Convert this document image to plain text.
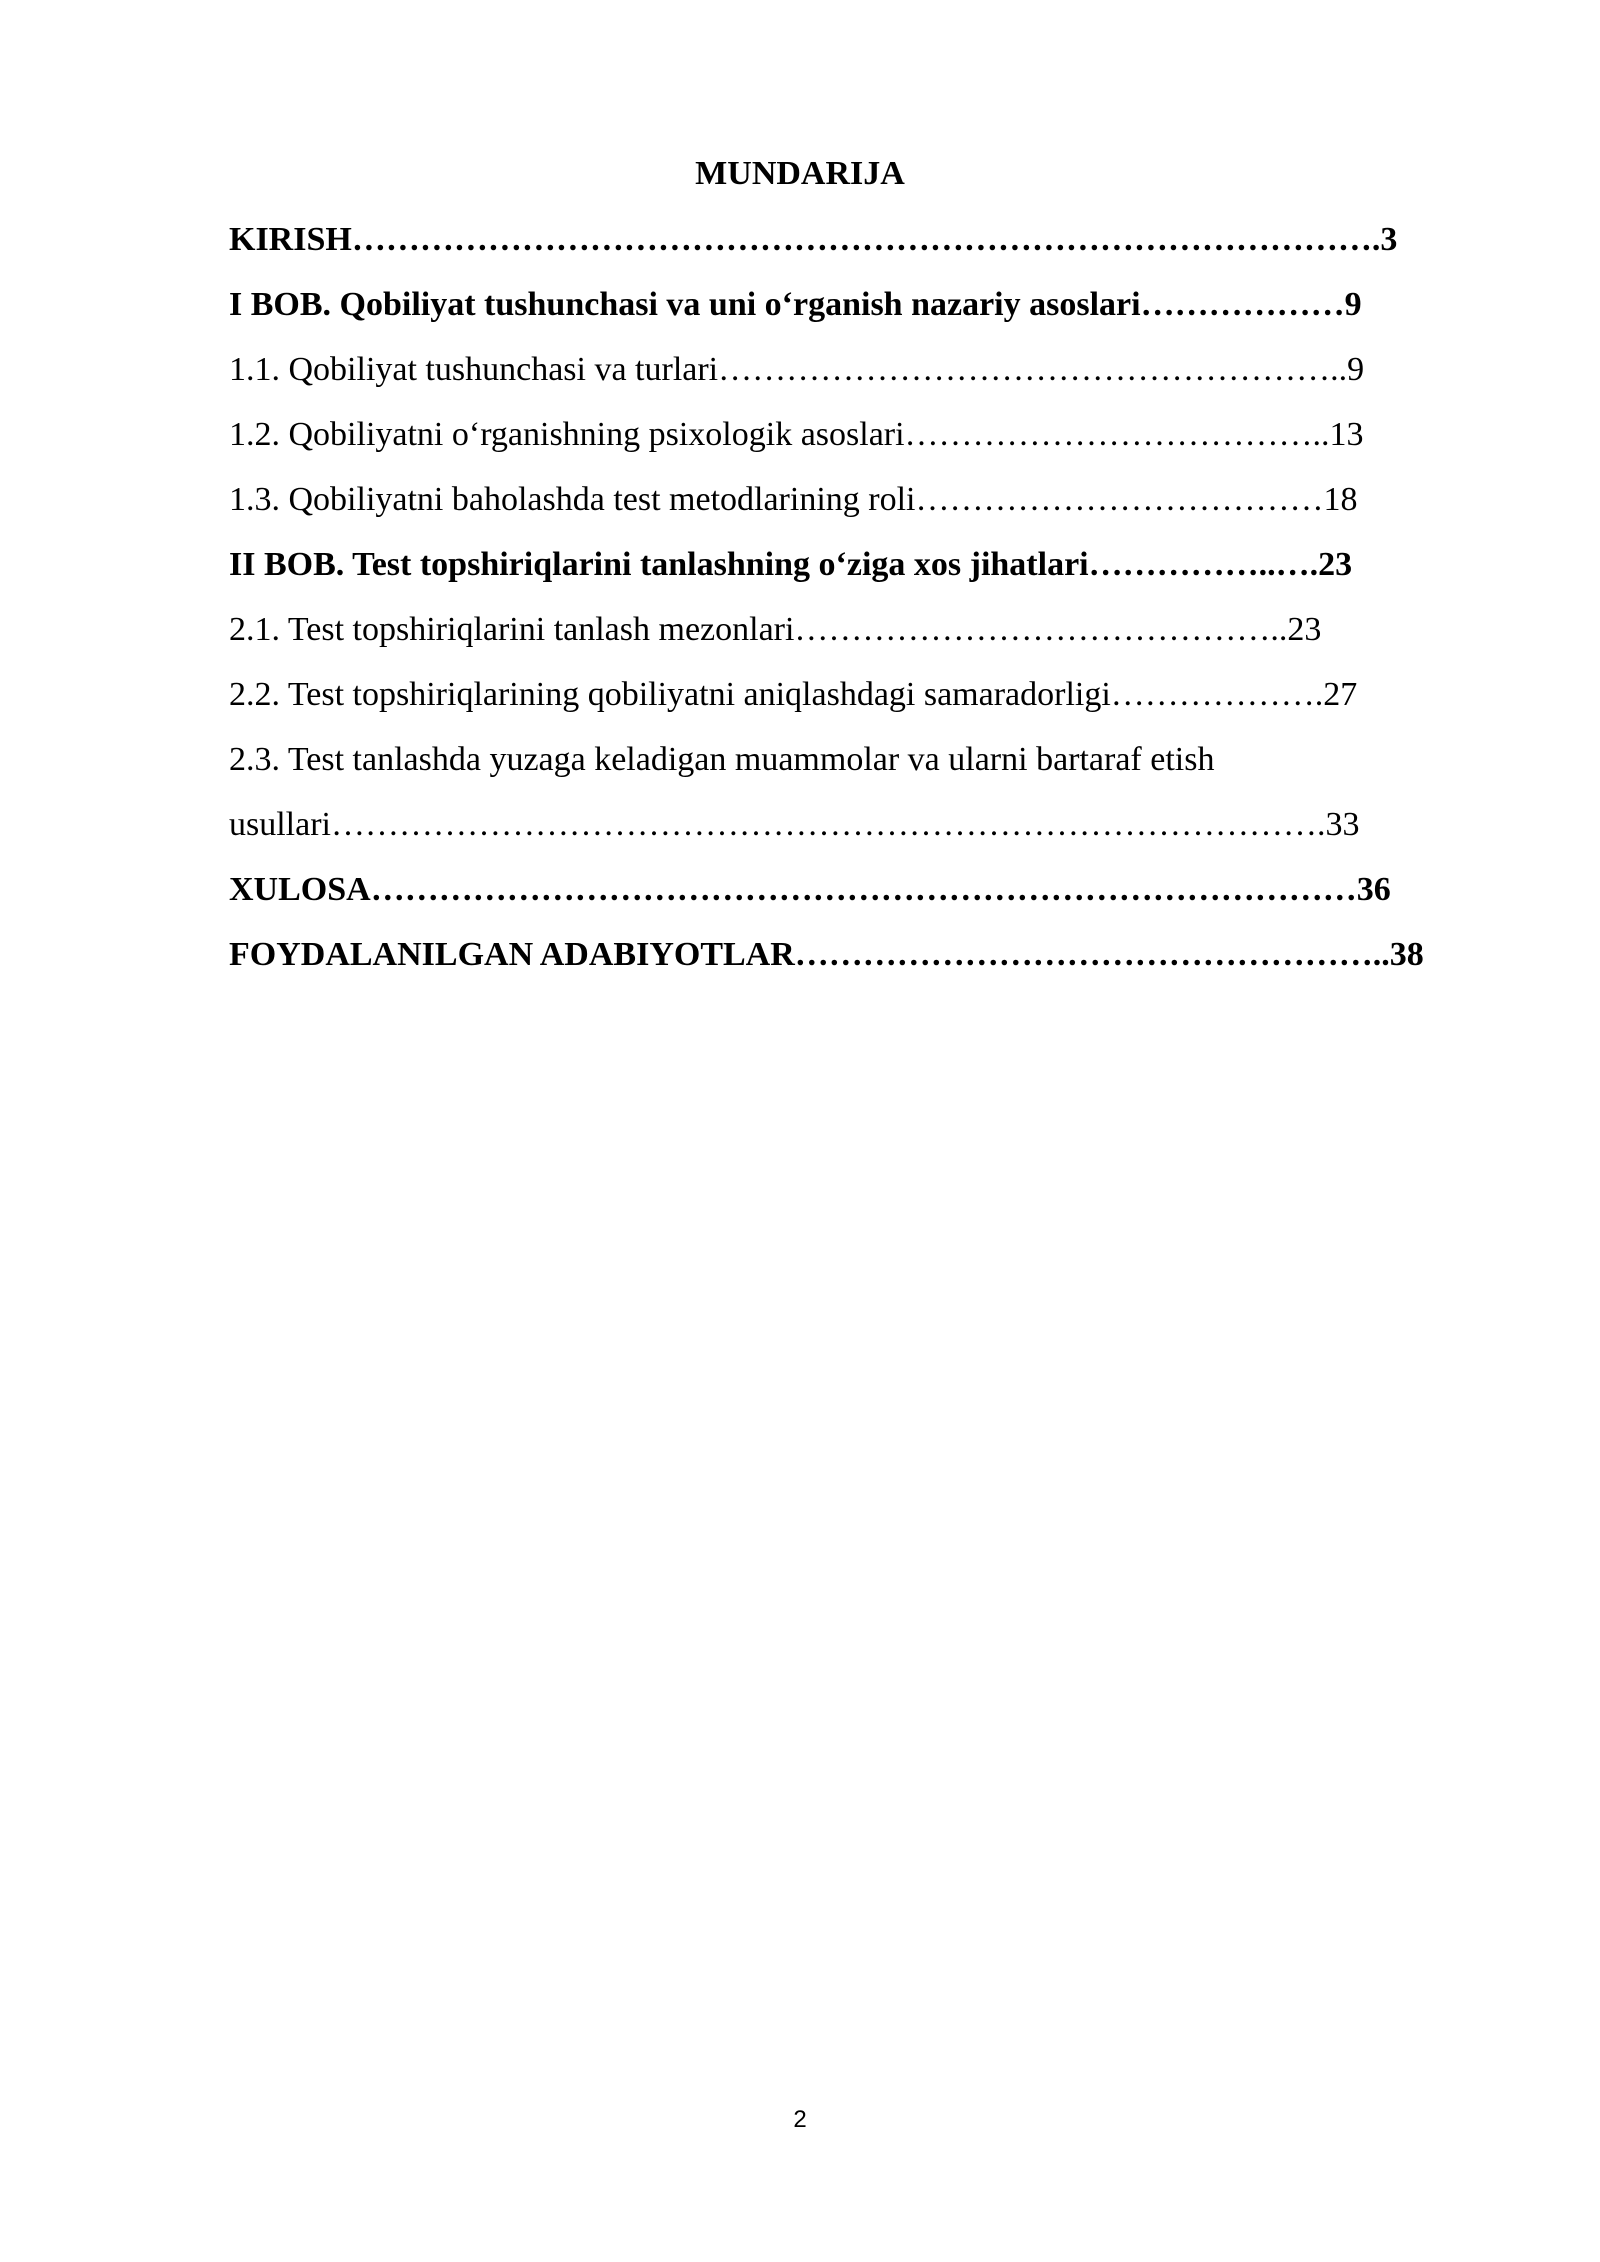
MUNDARIJA
KIRISH……………………………………………………………………………….3
I BOB. Qobiliyat tushunchasi va uni o‘rganish nazariy asoslari………………9
1.1. Qobiliyat tushunchasi va turlari………………………………………………..9
1.2. Qobiliyatni o‘rganishning psixologik asoslari………………………………..13
1.3. Qobiliyatni baholashda test metodlarining roli………………………………18
II BOB. Test topshiriqlarini tanlashning o‘ziga xos jihatlari……………..….23
2.1. Test topshiriqlarini tanlash mezonlari……………………………………..23
2.2. Test topshiriqlarining qobiliyatni aniqlashdagi samaradorligi……………….27
2.3. Test tanlashda yuzaga keladigan muammolar va ularni bartaraf etish
usullari…………………………………………………………………………….33
XULOSA……………………………………………………………………………36
FOYDALANILGAN ADABIYOTLAR……………………………………………..38
2
